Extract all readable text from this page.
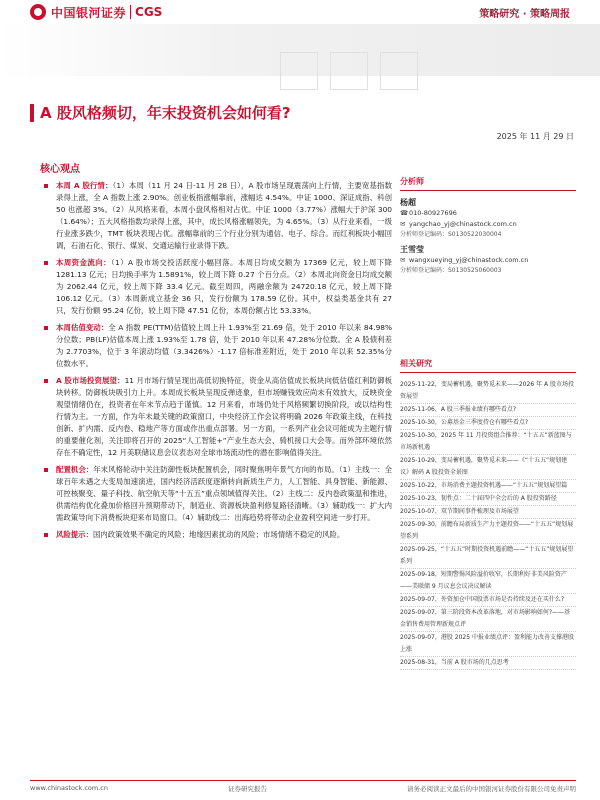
中国银河证券 CGS	策略研究 · 策略周报
A 股风格频切，年末投资机会如何看?
2025 年 11 月 29 日
核心观点
本周 A 股行情：（1）本周（11 月 24 日-11 月 28 日），A 股市场呈现震荡向上行情，主要宽基指数录得上涨，全 A 指数上涨 2.90%。创业板指涨幅靠前，涨幅达 4.54%。中证 1000、深证成指、科创 50 也涨超 3%。（2）从风格来看，本周小盘风格相对占优。中证 1000（3.77%）涨幅大于沪深 300（1.64%）；五大风格指数均录得上涨，其中，成长风格涨幅领先，为 4.65%。（3）从行业来看，一级行业涨多跌少，TMT 板块表现占优。涨幅靠前的三个行业分别为通信、电子、综合。而红利板块小幅回调，石油石化、银行、煤炭、交通运输行业录得下跌。
本周资金流向：（1）A 股市场交投活跃度小幅回落。本周日均成交额为 17369 亿元，较上周下降 1281.13 亿元；日均换手率为 1.5891%，较上周下降 0.27 个百分点。（2）本周北向资金日均成交额为 2062.44 亿元，较上周下降 33.4 亿元。截至周四，两融余额为 24720.18 亿元，较上周下降 106.12 亿元。（3）本周新成立基金 36 只，发行份额为 178.59 亿份。其中，权益类基金共有 27 只，发行份额 95.24 亿份，较上周下降 47.51 亿份，本周份额占比 53.33%。
本周估值变动：全 A 指数 PE(TTM)估值较上周上升 1.93%至 21.69 倍，处于 2010 年以来 84.98%分位数；PB(LF)估值本周上涨 1.93%至 1.78 倍，处于 2010 年以来 47.28%分位数。全 A 股债利差为 2.7703%，位于 3 年滚动均值（3.3426%）-1.17 倍标准差附近，处于 2010 年以来 52.35%分位数水平。
A 股市场投资展望：11 月市场行情呈现出高低切换特征，资金从高估值成长板块向低估值红利防御板块转移。防御板块吸引力上升。本周成长板块呈现反弹迹象，但市场赚钱效应尚未有效放大，反映资金观望情绪仍在，投资者在年末节点趋于谨慎。12 月来看，市场仍处于风格频繁切换阶段，或以结构性行情为主。一方面，作为年末最关键的政策窗口，中央经济工作会议将明确 2026 年政策主线，在科技创新、扩内需、反内卷、稳地产等方面或作出重点部署。另一方面，一系列产业会议可能成为主题行情的重要催化剂，关注即将召开的 2025“人工智能+”产业生态大会、骑机接口大会等。而外部环境依然存在不确定性，12 月美联储议息会议表态对全球市场流动性的潜在影响值得关注。
配置机会：年末风格轮动中关注防御性板块配置机会，同时聚焦明年景气方向的布局。（1）主线一：全球百年未遇之大变局加速演进，国内经济活跃度逐渐转向新质生产力，人工智能、具身智能、新能源、可控核聚变、量子科技、航空航天等“十五五”重点领域值得关注。（2）主线二：反内卷政策温和推进，供需结构优化叠加价格回升预期带动下，制造业、资源板块盈利修复路径清晰。（3）辅助线一：扩大内需政策导向下消费板块迎来布局窗口。（4）辅助线二：出海趋势将带动企业盈利空间进一步打开。
风险提示：国内政策效果不确定的风险；地缘因素扰动的风险；市场情绪不稳定的风险。
分析师
杨超
☎ 010-80927696
✉ yangchao_yj@chinastock.com.cn
分析师登记编码：S0130522030004
王雪莹
✉ wangxueying_yj@chinastock.com.cn
分析师登记编码：S0130525060003
相关研究
2025-11-22，变局蓄机遇，聚势觅未来——2026 年 A 股市场投资展望
2025-11-06，A 股三季报业绩有哪些看点?
2025-10-30，公募基金三季度持仓有哪些看点?
2025-10-30，2025 年 11 月投资组合推荐：“十五五”新蓝图与市场新机遇
2025-10-29，变局蓄机遇，聚势觅未来——《“十五五”规划建议》解码 A 股投资全景图
2025-10-22，市场消费主题投资机遇——“十五五”规划展望篇
2025-10-23，韧性点：二十届四中全会后的 A 股投资路径
2025-10-07，双节期间事件梳理及市场展望
2025-09-30，前瞻布局新质生产力主题投资——“十五五”规划展望系列
2025-09-25，“十五五”时期投资机遇前瞻——“十五五”规划展望系列
2025-09-18，短期警惕风险溢价收窄，长期利好非美风险资产——美联储 9 月议息会议决议解读
2025-09-07，外资加仓中国股票市场是否持续及还在买什么?
2025-09-07，第三阶段资本改革落地，对市场影响如何?——基金销售费用管理新规点评
2025-09-07，港股 2025 中报业绩点评：盈利能力改善支撑港股上涨
2025-08-31，当前 A 股市场的几点思考
www.chinastock.com.cn	证券研究报告	请务必阅读正文最后的中国银河证券股份有限公司免责声明
